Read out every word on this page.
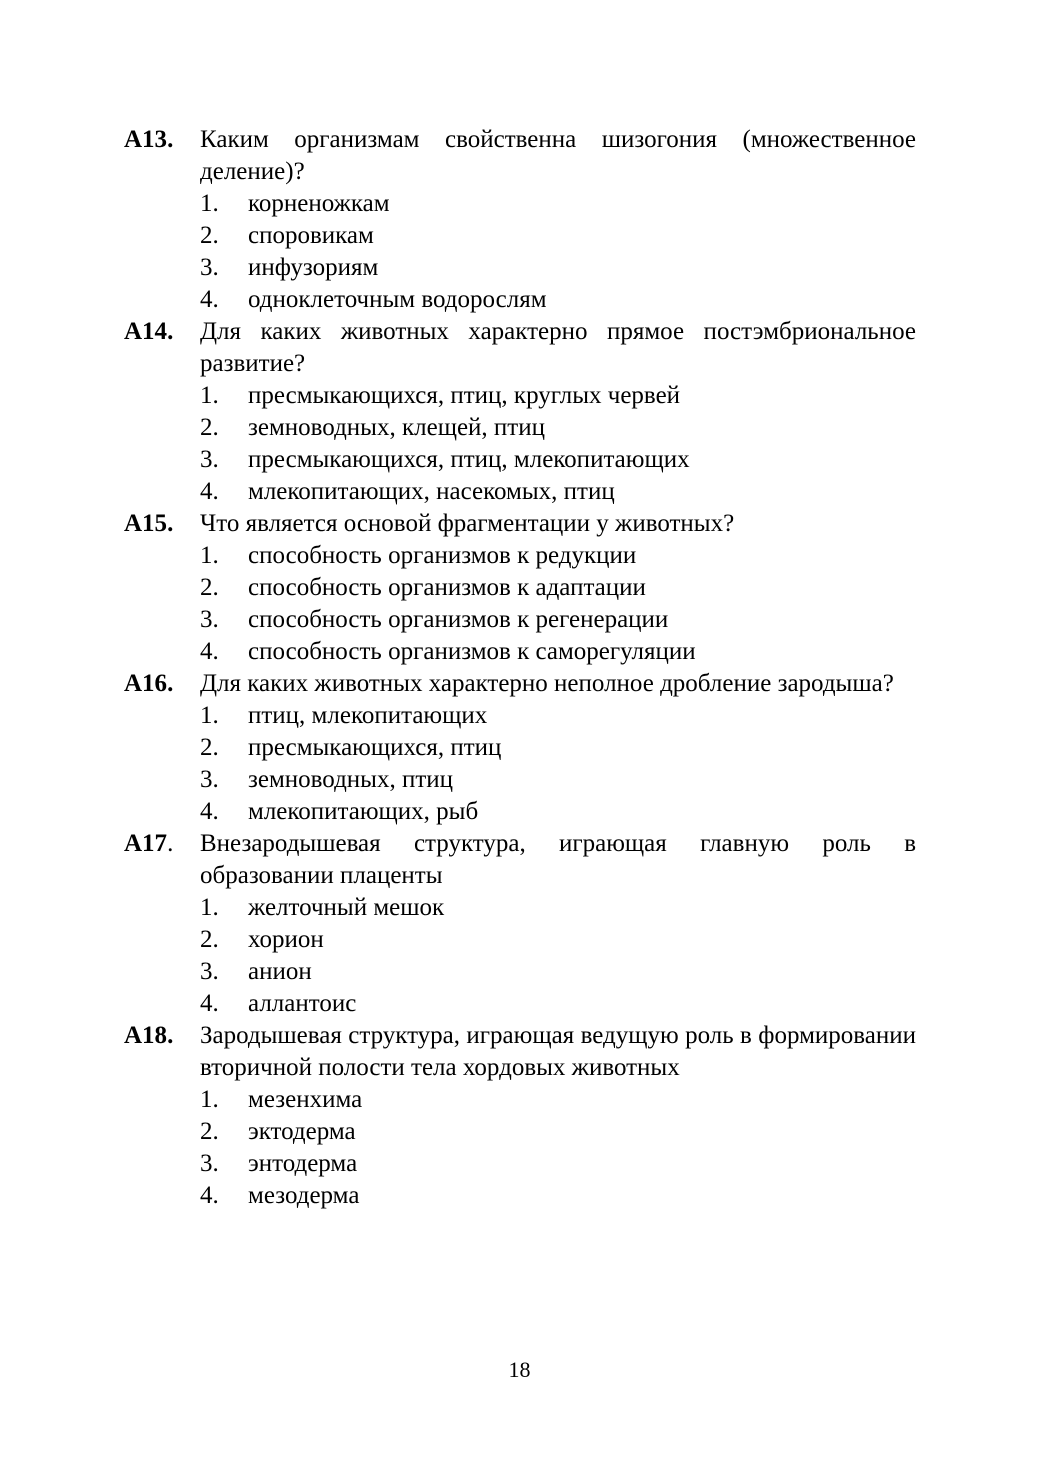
A13. Каким организмам свойственна шизогония (множественное деление)?

1. корненожкам
2. споровикам
3. инфузориям
4. одноклеточным водорослям
A14. Для каких животных характерно прямое постэмбриональное развитие?

1. пресмыкающихся, птиц, круглых червей
2. земноводных, клещей, птиц
3. пресмыкающихся, птиц, млекопитающих
4. млекопитающих, насекомых, птиц
A15. Что является основой фрагментации у животных?

1. способность организмов к редукции
2. способность организмов к адаптации
3. способность организмов к регенерации
4. способность организмов к саморегуляции
A16. Для каких животных характерно неполное дробление зародыша?

1. птиц, млекопитающих
2. пресмыкающихся, птиц
3. земноводных, птиц
4. млекопитающих, рыб
A17. Внезародышевая структура, играющая главную роль в образовании плаценты

1. желточный мешок
2. хорион
3. анион
4. аллантоис
A18. Зародышевая структура, играющая ведущую роль в формировании вторичной полости тела хордовых животных

1. мезенхима
2. эктодерма
3. энтодерма
4. мезодерма
18
